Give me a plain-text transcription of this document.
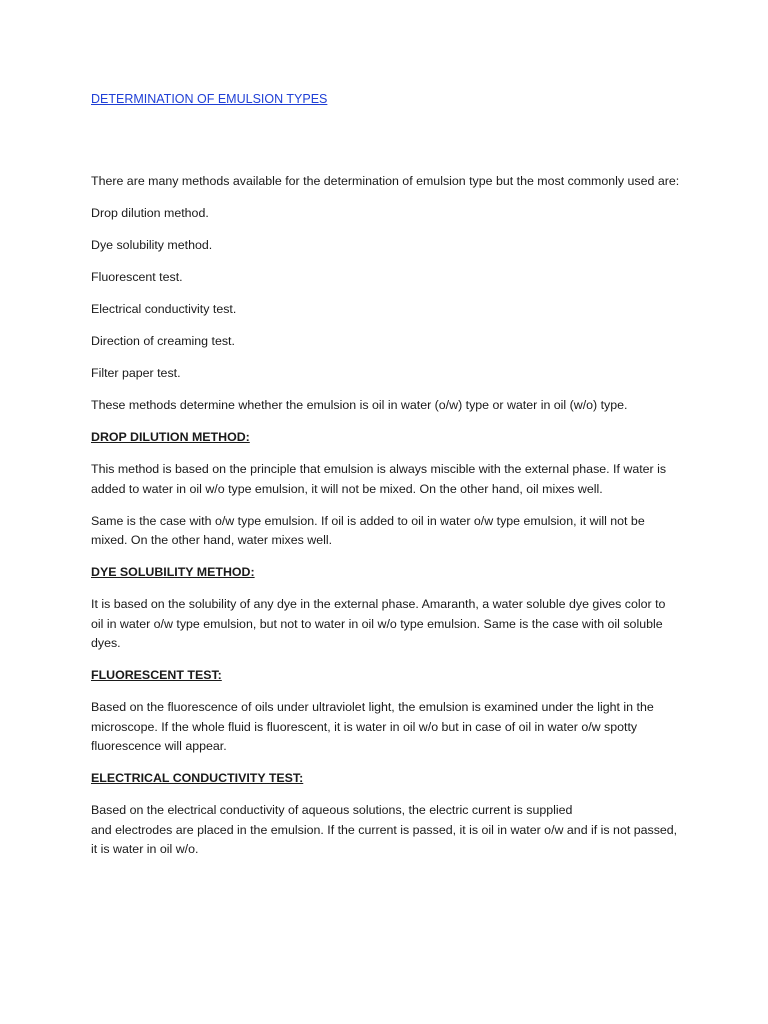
DETERMINATION OF EMULSION TYPES

There are many methods available for the determination of emulsion type but the most commonly used are:

Drop dilution method.

Dye solubility method.

Fluorescent test.

Electrical conductivity test.

Direction of creaming test.

Filter paper test.

These methods determine whether the emulsion is oil in water (o/w) type or water in oil (w/o) type.

DROP DILUTION METHOD:

This method is based on the principle that emulsion is always miscible with the external phase. If water is added to water in oil w/o type emulsion, it will not be mixed. On the other hand, oil mixes well.

Same is the case with o/w type emulsion. If oil is added to oil in water o/w type emulsion, it will not be mixed. On the other hand, water mixes well.

DYE SOLUBILITY METHOD:

It is based on the solubility of any dye in the external phase. Amaranth, a water soluble dye gives color to oil in water o/w type emulsion, but not to water in oil w/o type emulsion. Same is the case with oil soluble dyes.

FLUORESCENT TEST:

Based on the fluorescence of oils under ultraviolet light, the emulsion is examined under the light in the microscope. If the whole fluid is fluorescent, it is water in oil w/o but in case of oil in water o/w spotty fluorescence will appear.

ELECTRICAL CONDUCTIVITY TEST:

Based on the electrical conductivity of aqueous solutions, the electric current is supplied
and electrodes are placed in the emulsion. If the current is passed, it is oil in water o/w and if is not passed, it is water in oil w/o.
